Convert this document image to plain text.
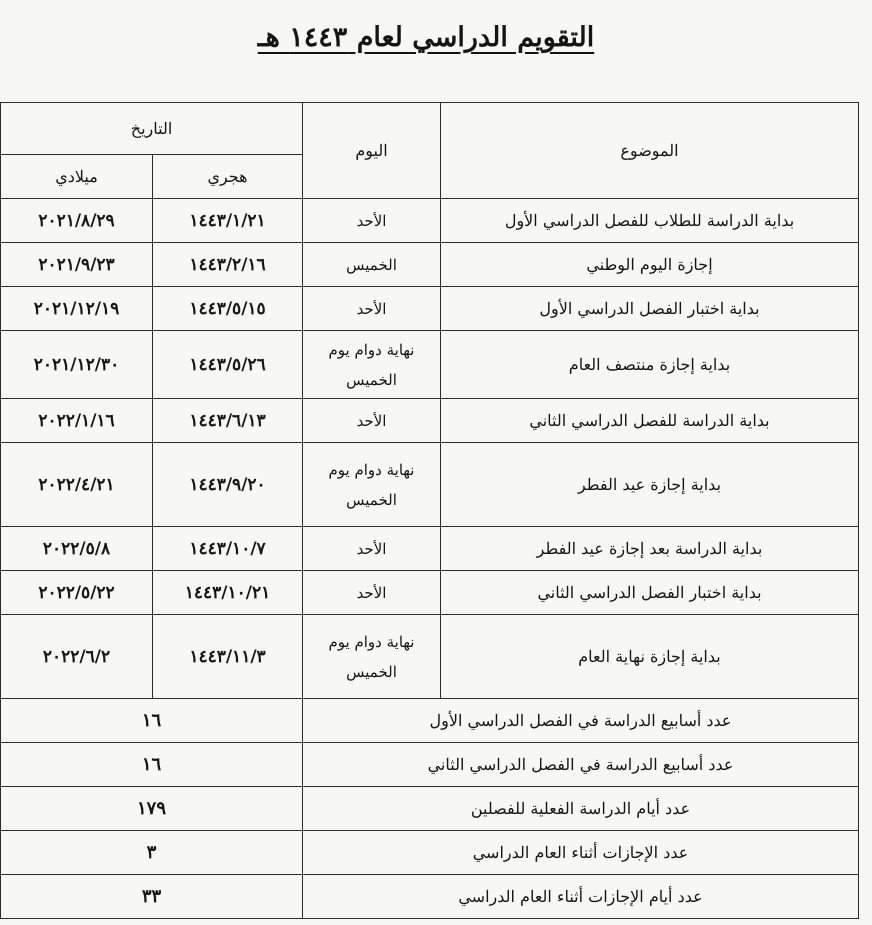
التقويم الدراسي لعام ١٤٤٣ هـ
الموضوع	اليوم	التاريخ	
		هجري	ميلادي
بداية الدراسة للطلاب للفصل الدراسي الأول	الأحد	١٤٤٣/١/٢١	٢٠٢١/٨/٢٩
إجازة اليوم الوطني	الخميس	١٤٤٣/٢/١٦	٢٠٢١/٩/٢٣
بداية اختبار الفصل الدراسي الأول	الأحد	١٤٤٣/٥/١٥	٢٠٢١/١٢/١٩
بداية إجازة منتصف العام	نهاية دوام يوم الخميس	١٤٤٣/٥/٢٦	٢٠٢١/١٢/٣٠
بداية الدراسة للفصل الدراسي الثاني	الأحد	١٤٤٣/٦/١٣	٢٠٢٢/١/١٦
بداية إجازة عيد الفطر	نهاية دوام يوم الخميس	١٤٤٣/٩/٢٠	٢٠٢٢/٤/٢١
بداية الدراسة بعد إجازة عيد الفطر	الأحد	١٤٤٣/١٠/٧	٢٠٢٢/٥/٨
بداية اختبار الفصل الدراسي الثاني	الأحد	١٤٤٣/١٠/٢١	٢٠٢٢/٥/٢٢
بداية إجازة نهاية العام	نهاية دوام يوم الخميس	١٤٤٣/١١/٣	٢٠٢٢/٦/٢
عدد أسابيع الدراسة في الفصل الدراسي الأول		١٦	
عدد أسابيع الدراسة في الفصل الدراسي الثاني		١٦	
عدد أيام الدراسة الفعلية للفصلين		١٧٩	
عدد الإجازات أثناء العام الدراسي		٣	
عدد أيام الإجازات أثناء العام الدراسي		٣٣	
